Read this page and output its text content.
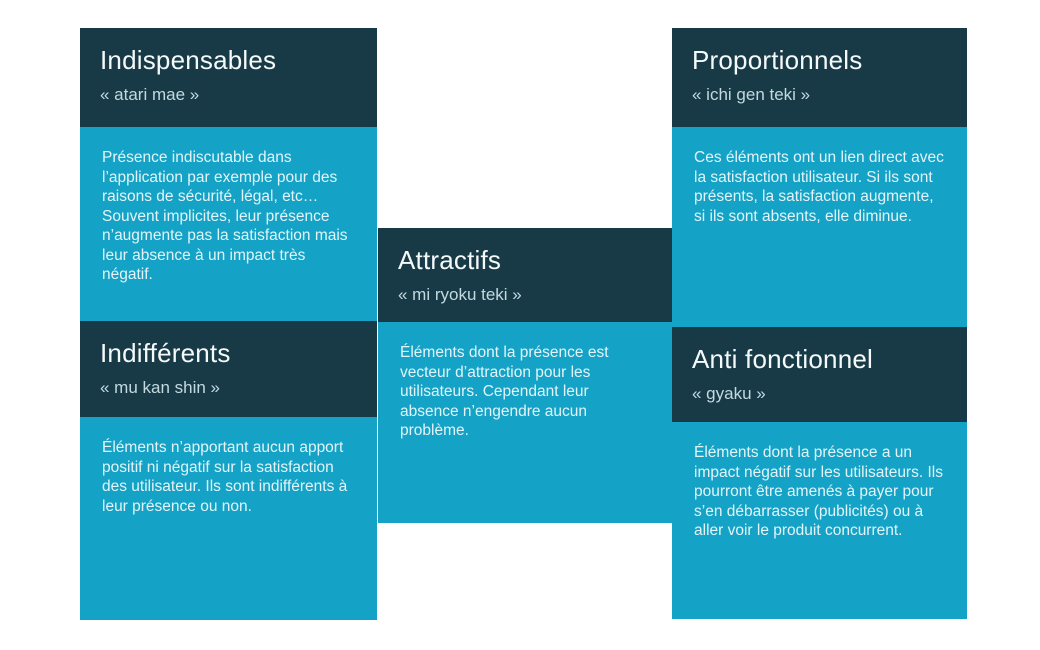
Indispensables
« atari mae »
Présence indiscutable dans l’application par exemple pour des raisons de sécurité, légal, etc… Souvent implicites, leur présence n’augmente pas la satisfaction mais leur absence à un impact très négatif.
Indifférents
« mu kan shin »
Éléments n’apportant aucun apport positif ni négatif sur la satisfaction des utilisateur. Ils sont indifférents à leur présence ou non.
Attractifs
« mi ryoku teki »
Éléments dont la présence est vecteur d’attraction pour les utilisateurs. Cependant leur absence n’engendre aucun problème.
Proportionnels
« ichi gen teki »
Ces éléments ont un lien direct avec la satisfaction utilisateur. Si ils sont présents, la satisfaction augmente, si ils sont absents, elle diminue.
Anti fonctionnel
« gyaku »
Éléments dont la présence a un impact négatif sur les utilisateurs. Ils pourront être amenés à payer pour s’en débarrasser (publicités) ou à aller voir le produit concurrent.
